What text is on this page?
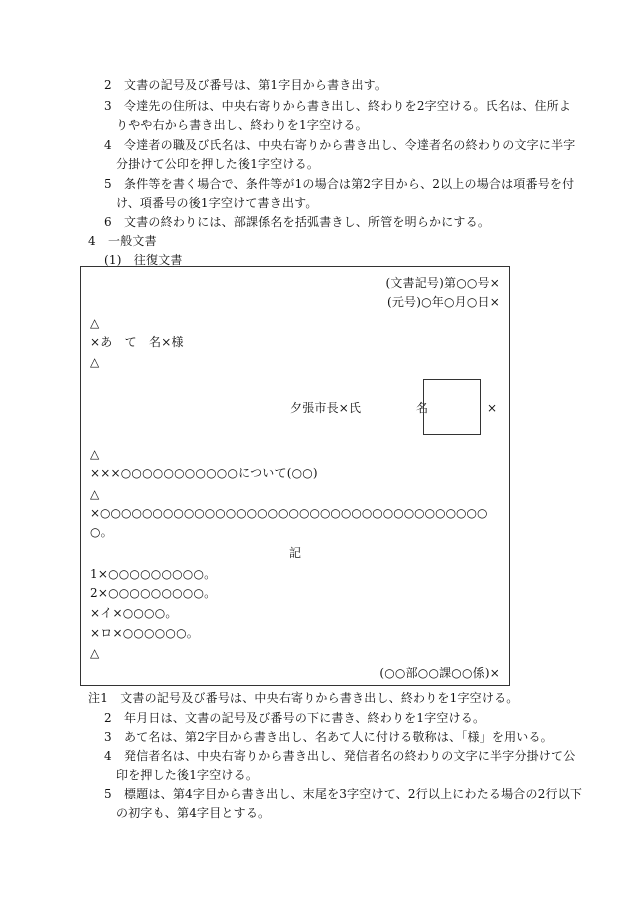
2　文書の記号及び番号は、第1字目から書き出す。
3　令達先の住所は、中央右寄りから書き出し、終わりを2字空ける。氏名は、住所よ
りやや右から書き出し、終わりを1字空ける。
4　令達者の職及び氏名は、中央右寄りから書き出し、令達者名の終わりの文字に半字
分掛けて公印を押した後1字空ける。
5　条件等を書く場合で、条件等が1の場合は第2字目から、2以上の場合は項番号を付
け、項番号の後1字空けて書き出す。
6　文書の終わりには、部課係名を括弧書きし、所管を明らかにする。
4　一般文書
(1)　往復文書
(文書記号)第○○号×
(元号)○年○月○日×
△
×あ　て　名×様
△
夕張市長×氏	名	×
△
×××○○○○○○○○○○○について(○○)
△
×○○○○○○○○○○○○○○○○○○○○○○○○○○○○○○○○○○○○○
○。
記
1×○○○○○○○○○。
2×○○○○○○○○○。
×イ×○○○○。
×ロ×○○○○○○。
△
(○○部○○課○○係)×
注1　文書の記号及び番号は、中央右寄りから書き出し、終わりを1字空ける。
2　年月日は、文書の記号及び番号の下に書き、終わりを1字空ける。
3　あて名は、第2字目から書き出し、名あて人に付ける敬称は、「様」を用いる。
4　発信者名は、中央右寄りから書き出し、発信者名の終わりの文字に半字分掛けて公
印を押した後1字空ける。
5　標題は、第4字目から書き出し、末尾を3字空けて、2行以上にわたる場合の2行以下
の初字も、第4字目とする。
